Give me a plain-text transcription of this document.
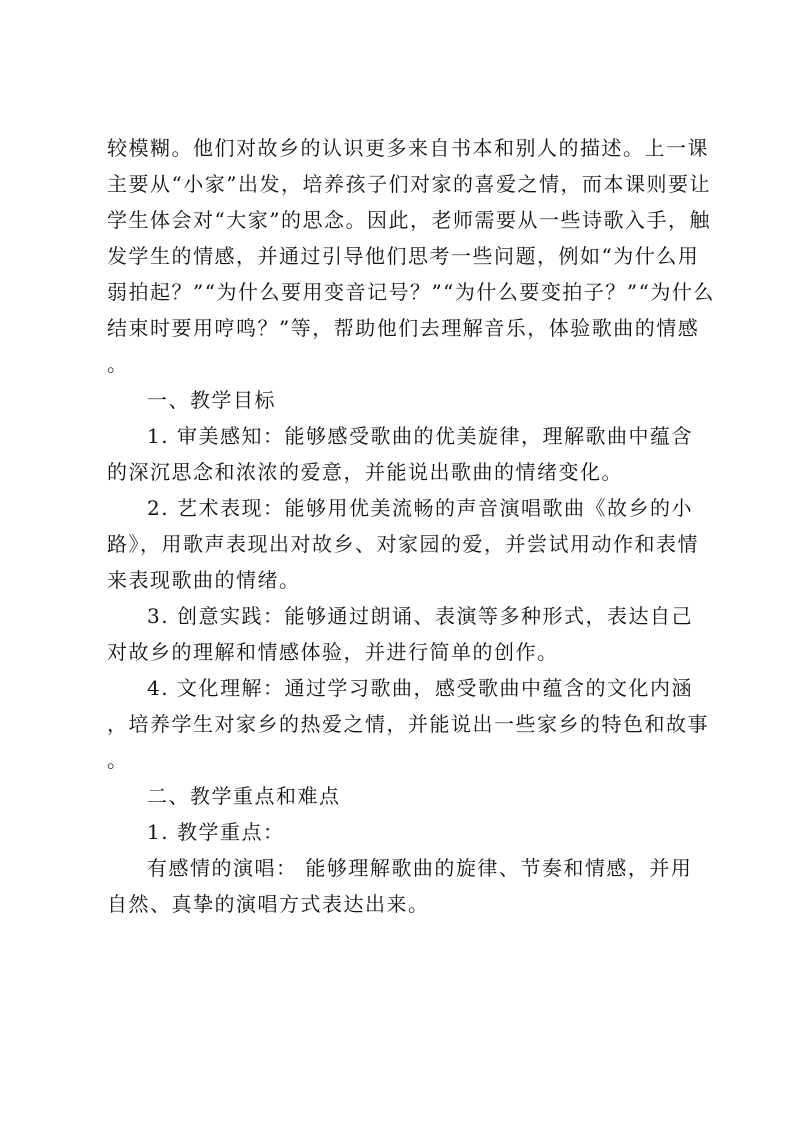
较模糊。他们对故乡的认识更多来自书本和别人的描述。上一课
主要从“小家”出发，培养孩子们对家的喜爱之情，而本课则要让
学生体会对“大家”的思念。因此，老师需要从一些诗歌入手，触
发学生的情感，并通过引导他们思考一些问题，例如“为什么用
弱拍起？”“为什么要用变音记号？”“为什么要变拍子？”“为什么
结束时要用哼鸣？”等，帮助他们去理解音乐，体验歌曲的情感
。
一、教学目标
1. 审美感知：能够感受歌曲的优美旋律，理解歌曲中蕴含
的深沉思念和浓浓的爱意，并能说出歌曲的情绪变化。
2. 艺术表现：能够用优美流畅的声音演唱歌曲《故乡的小
路》，用歌声表现出对故乡、对家园的爱，并尝试用动作和表情
来表现歌曲的情绪。
3. 创意实践：能够通过朗诵、表演等多种形式，表达自己
对故乡的理解和情感体验，并进行简单的创作。
4. 文化理解：通过学习歌曲，感受歌曲中蕴含的文化内涵
，培养学生对家乡的热爱之情，并能说出一些家乡的特色和故事
。
二、教学重点和难点
1. 教学重点：
有感情的演唱： 能够理解歌曲的旋律、节奏和情感，并用
自然、真挚的演唱方式表达出来。
